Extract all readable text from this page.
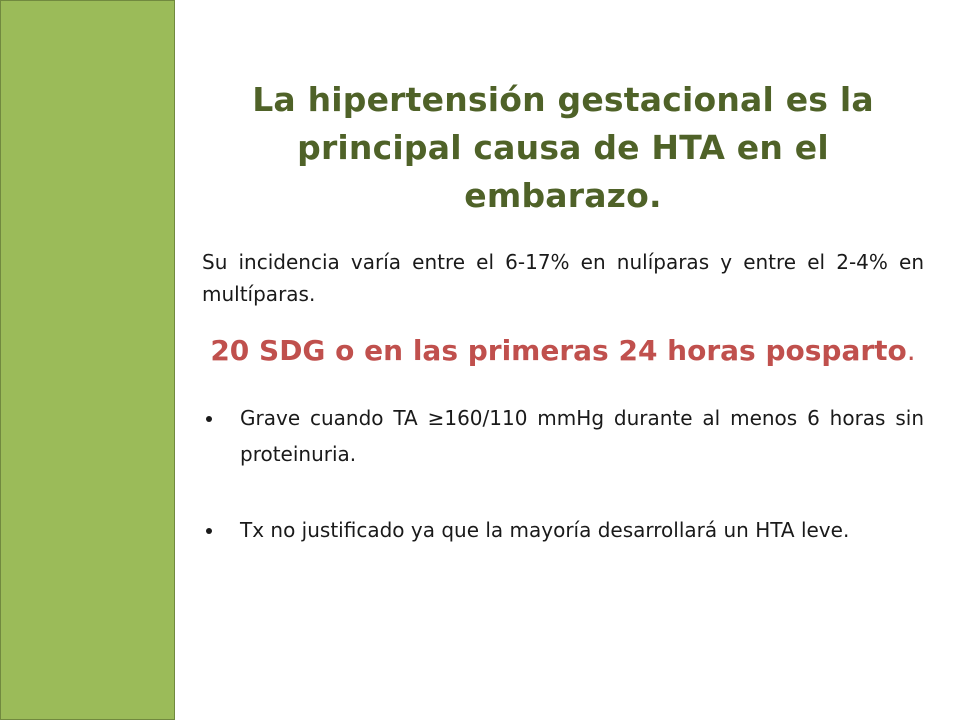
La hipertensión gestacional es la principal causa de HTA en el embarazo.

Su incidencia varía entre el 6-17% en nulíparas y entre el 2-4% en multíparas.

20 SDG o en las primeras 24 horas posparto.

Grave cuando TA ≥160/110 mmHg durante al menos 6 horas sin proteinuria.
Tx no justificado ya que la mayoría desarrollará un HTA leve.
